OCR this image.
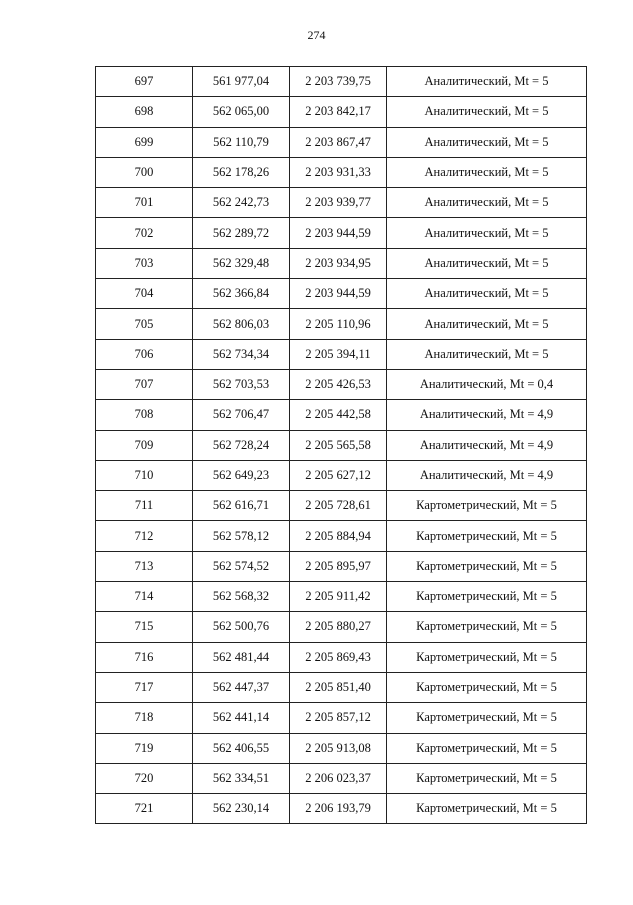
274
697	561 977,04	2 203 739,75	Аналитический, Mt = 5
698	562 065,00	2 203 842,17	Аналитический, Mt = 5
699	562 110,79	2 203 867,47	Аналитический, Mt = 5
700	562 178,26	2 203 931,33	Аналитический, Mt = 5
701	562 242,73	2 203 939,77	Аналитический, Mt = 5
702	562 289,72	2 203 944,59	Аналитический, Mt = 5
703	562 329,48	2 203 934,95	Аналитический, Mt = 5
704	562 366,84	2 203 944,59	Аналитический, Mt = 5
705	562 806,03	2 205 110,96	Аналитический, Mt = 5
706	562 734,34	2 205 394,11	Аналитический, Mt = 5
707	562 703,53	2 205 426,53	Аналитический, Mt = 0,4
708	562 706,47	2 205 442,58	Аналитический, Mt = 4,9
709	562 728,24	2 205 565,58	Аналитический, Mt = 4,9
710	562 649,23	2 205 627,12	Аналитический, Mt = 4,9
711	562 616,71	2 205 728,61	Картометрический, Mt = 5
712	562 578,12	2 205 884,94	Картометрический, Mt = 5
713	562 574,52	2 205 895,97	Картометрический, Mt = 5
714	562 568,32	2 205 911,42	Картометрический, Mt = 5
715	562 500,76	2 205 880,27	Картометрический, Mt = 5
716	562 481,44	2 205 869,43	Картометрический, Mt = 5
717	562 447,37	2 205 851,40	Картометрический, Mt = 5
718	562 441,14	2 205 857,12	Картометрический, Mt = 5
719	562 406,55	2 205 913,08	Картометрический, Mt = 5
720	562 334,51	2 206 023,37	Картометрический, Mt = 5
721	562 230,14	2 206 193,79	Картометрический, Mt = 5
